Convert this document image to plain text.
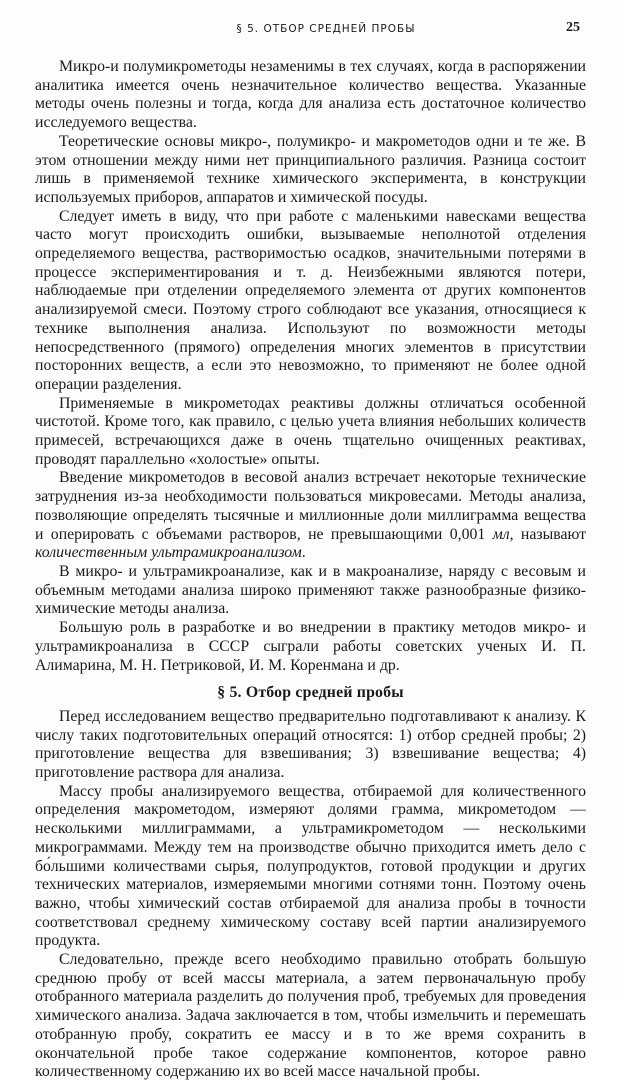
§ 5. ОТБОР СРЕДНЕЙ ПРОБЫ	25

Микро-и полумикрометоды незаменимы в тех случаях, когда в распоряжении аналитика имеется очень незначительное количество вещества. Указанные методы очень полезны и тогда, когда для анализа есть достаточное количество исследуемого вещества.

Теоретические основы микро-, полумикро- и макрометодов одни и те же. В этом отношении между ними нет принципиального различия. Разница состоит лишь в применяемой технике химического эксперимента, в конструкции используемых приборов, аппаратов и химической посуды.

Следует иметь в виду, что при работе с маленькими навесками вещества часто могут происходить ошибки, вызываемые неполнотой отделения определяемого вещества, растворимостью осадков, значительными потерями в процессе экспериментирования и т. д. Неизбежными являются потери, наблюдаемые при отделении определяемого элемента от других компонентов анализируемой смеси. Поэтому строго соблюдают все указания, относящиеся к технике выполнения анализа. Используют по возможности методы непосредственного (прямого) определения многих элементов в присутствии посторонних веществ, а если это невозможно, то применяют не более одной операции разделения.

Применяемые в микрометодах реактивы должны отличаться особенной чистотой. Кроме того, как правило, с целью учета влияния небольших количеств примесей, встречающихся даже в очень тщательно очищенных реактивах, проводят параллельно «холостые» опыты.

Введение микрометодов в весовой анализ встречает некоторые технические затруднения из-за необходимости пользоваться микровесами. Методы анализа, позволяющие определять тысячные и миллионные доли миллиграмма вещества и оперировать с объемами растворов, не превышающими 0,001 мл, называют количественным ультрамикроанализом.

В микро- и ультрамикроанализе, как и в макроанализе, наряду с весовым и объемным методами анализа широко применяют также разнообразные физико-химические методы анализа.

Большую роль в разработке и во внедрении в практику методов микро- и ультрамикроанализа в СССР сыграли работы советских ученых И. П. Алимарина, М. Н. Петриковой, И. М. Коренмана и др.

§ 5. Отбор средней пробы

Перед исследованием вещество предварительно подготавливают к анализу. К числу таких подготовительных операций относятся: 1) отбор средней пробы; 2) приготовление вещества для взвешивания; 3) взвешивание вещества; 4) приготовление раствора для анализа.

Массу пробы анализируемого вещества, отбираемой для количественного определения макрометодом, измеряют долями грамма, микрометодом — несколькими миллиграммами, а ультрамикрометодом — несколькими микрограммами. Между тем на производстве обычно приходится иметь дело с бо́льшими количествами сырья, полупродуктов, готовой продукции и других технических материалов, измеряемыми многими сотнями тонн. Поэтому очень важно, чтобы химический состав отбираемой для анализа пробы в точности соответствовал среднему химическому составу всей партии анализируемого продукта.

Следовательно, прежде всего необходимо правильно отобрать большую среднюю пробу от всей массы материала, а затем первоначальную пробу отобранного материала разделить до получения проб, требуемых для проведения химического анализа. Задача заключается в том, чтобы измельчить и перемешать отобранную пробу, сократить ее массу и в то же время сохранить в окончательной пробе такое содержание компонентов, которое равно количественному содержанию их во всей массе начальной пробы.
